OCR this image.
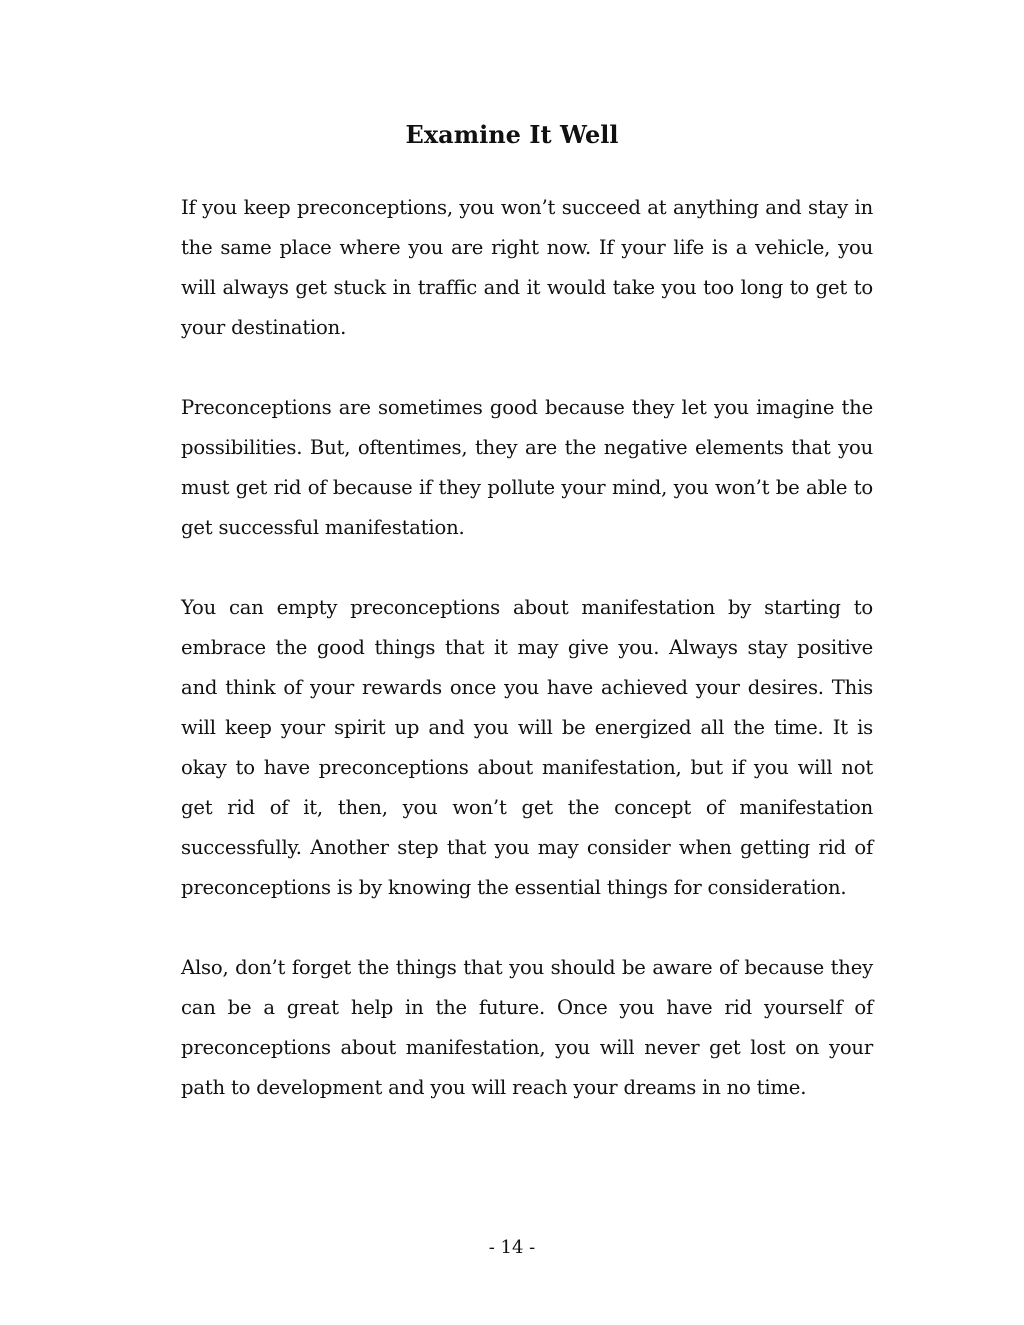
Examine It Well

If you keep preconceptions, you won’t succeed at anything and stay in the same place where you are right now. If your life is a vehicle, you will always get stuck in traffic and it would take you too long to get to your destination.

Preconceptions are sometimes good because they let you imagine the possibilities. But, oftentimes, they are the negative elements that you must get rid of because if they pollute your mind, you won’t be able to get successful manifestation.

You can empty preconceptions about manifestation by starting to embrace the good things that it may give you. Always stay positive and think of your rewards once you have achieved your desires. This will keep your spirit up and you will be energized all the time. It is okay to have preconceptions about manifestation, but if you will not get rid of it, then, you won’t get the concept of manifestation successfully. Another step that you may consider when getting rid of preconceptions is by knowing the essential things for consideration.

Also, don’t forget the things that you should be aware of because they can be a great help in the future. Once you have rid yourself of preconceptions about manifestation, you will never get lost on your path to development and you will reach your dreams in no time.

- 14 -
